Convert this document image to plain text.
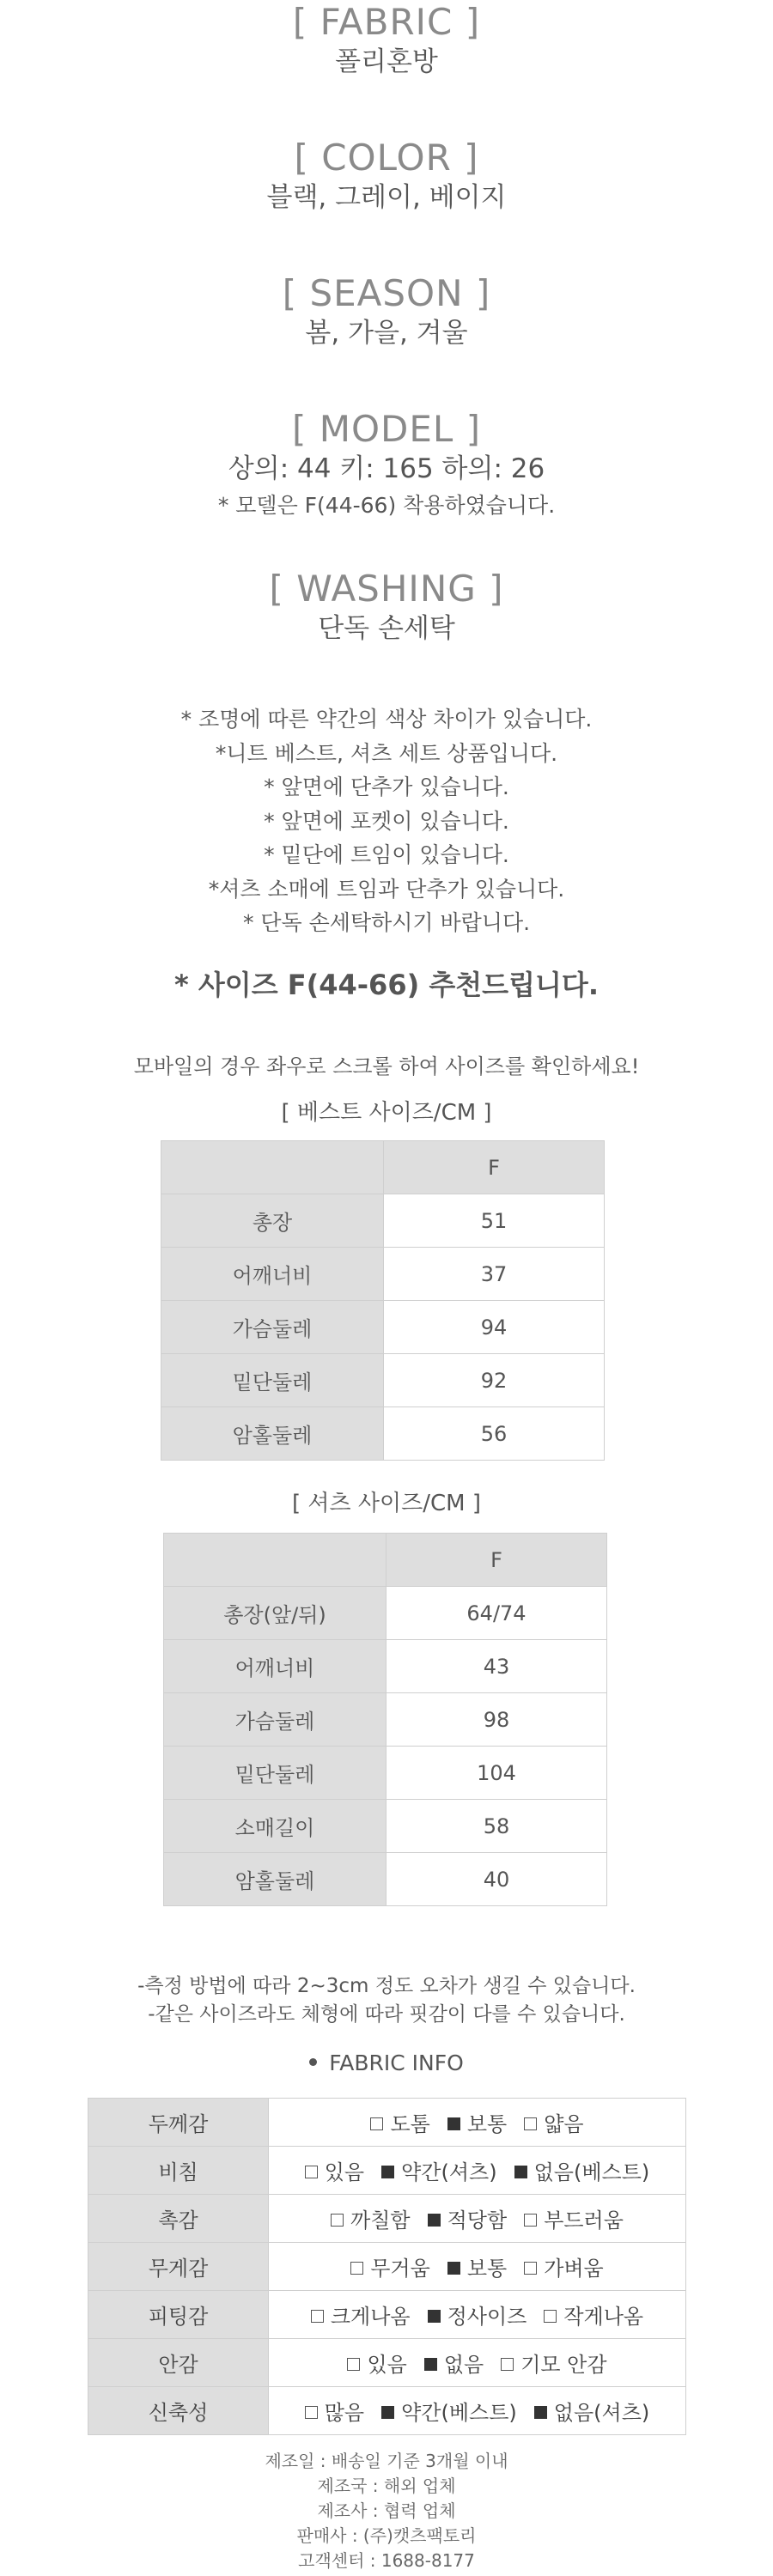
[ FABRIC ]
폴리혼방
[ COLOR ]
블랙, 그레이, 베이지
[ SEASON ]
봄, 가을, 겨울
[ MODEL ]
상의: 44 키: 165 하의: 26
* 모델은 F(44-66) 착용하였습니다.
[ WASHING ]
단독 손세탁
* 조명에 따른 약간의 색상 차이가 있습니다.
*니트 베스트, 셔츠 세트 상품입니다.
* 앞면에 단추가 있습니다.
* 앞면에 포켓이 있습니다.
* 밑단에 트임이 있습니다.
*셔츠 소매에 트임과 단추가 있습니다.
* 단독 손세탁하시기 바랍니다.
* 사이즈 F(44-66) 추천드립니다.
모바일의 경우 좌우로 스크롤 하여 사이즈를 확인하세요!
[ 베스트 사이즈/CM ]
	F
총장	51
어깨너비	37
가슴둘레	94
밑단둘레	92
암홀둘레	56
[ 셔츠 사이즈/CM ]
	F
총장(앞/뒤)	64/74
어깨너비	43
가슴둘레	98
밑단둘레	104
소매길이	58
암홀둘레	40
-측정 방법에 따라 2~3cm 정도 오차가 생길 수 있습니다.
-같은 사이즈라도 체형에 따라 핏감이 다를 수 있습니다.
FABRIC INFO
두께감	도톰 보통 얇음
비침	있음 약간(셔츠) 없음(베스트)
촉감	까칠함 적당함 부드러움
무게감	무거움 보통 가벼움
피팅감	크게나옴 정사이즈 작게나옴
안감	있음 없음 기모 안감
신축성	많음 약간(베스트) 없음(셔츠)
제조일 : 배송일 기준 3개월 이내
제조국 : 해외 업체
제조사 : 협력 업체
판매사 : (주)캣츠팩토리
고객센터 : 1688-8177
